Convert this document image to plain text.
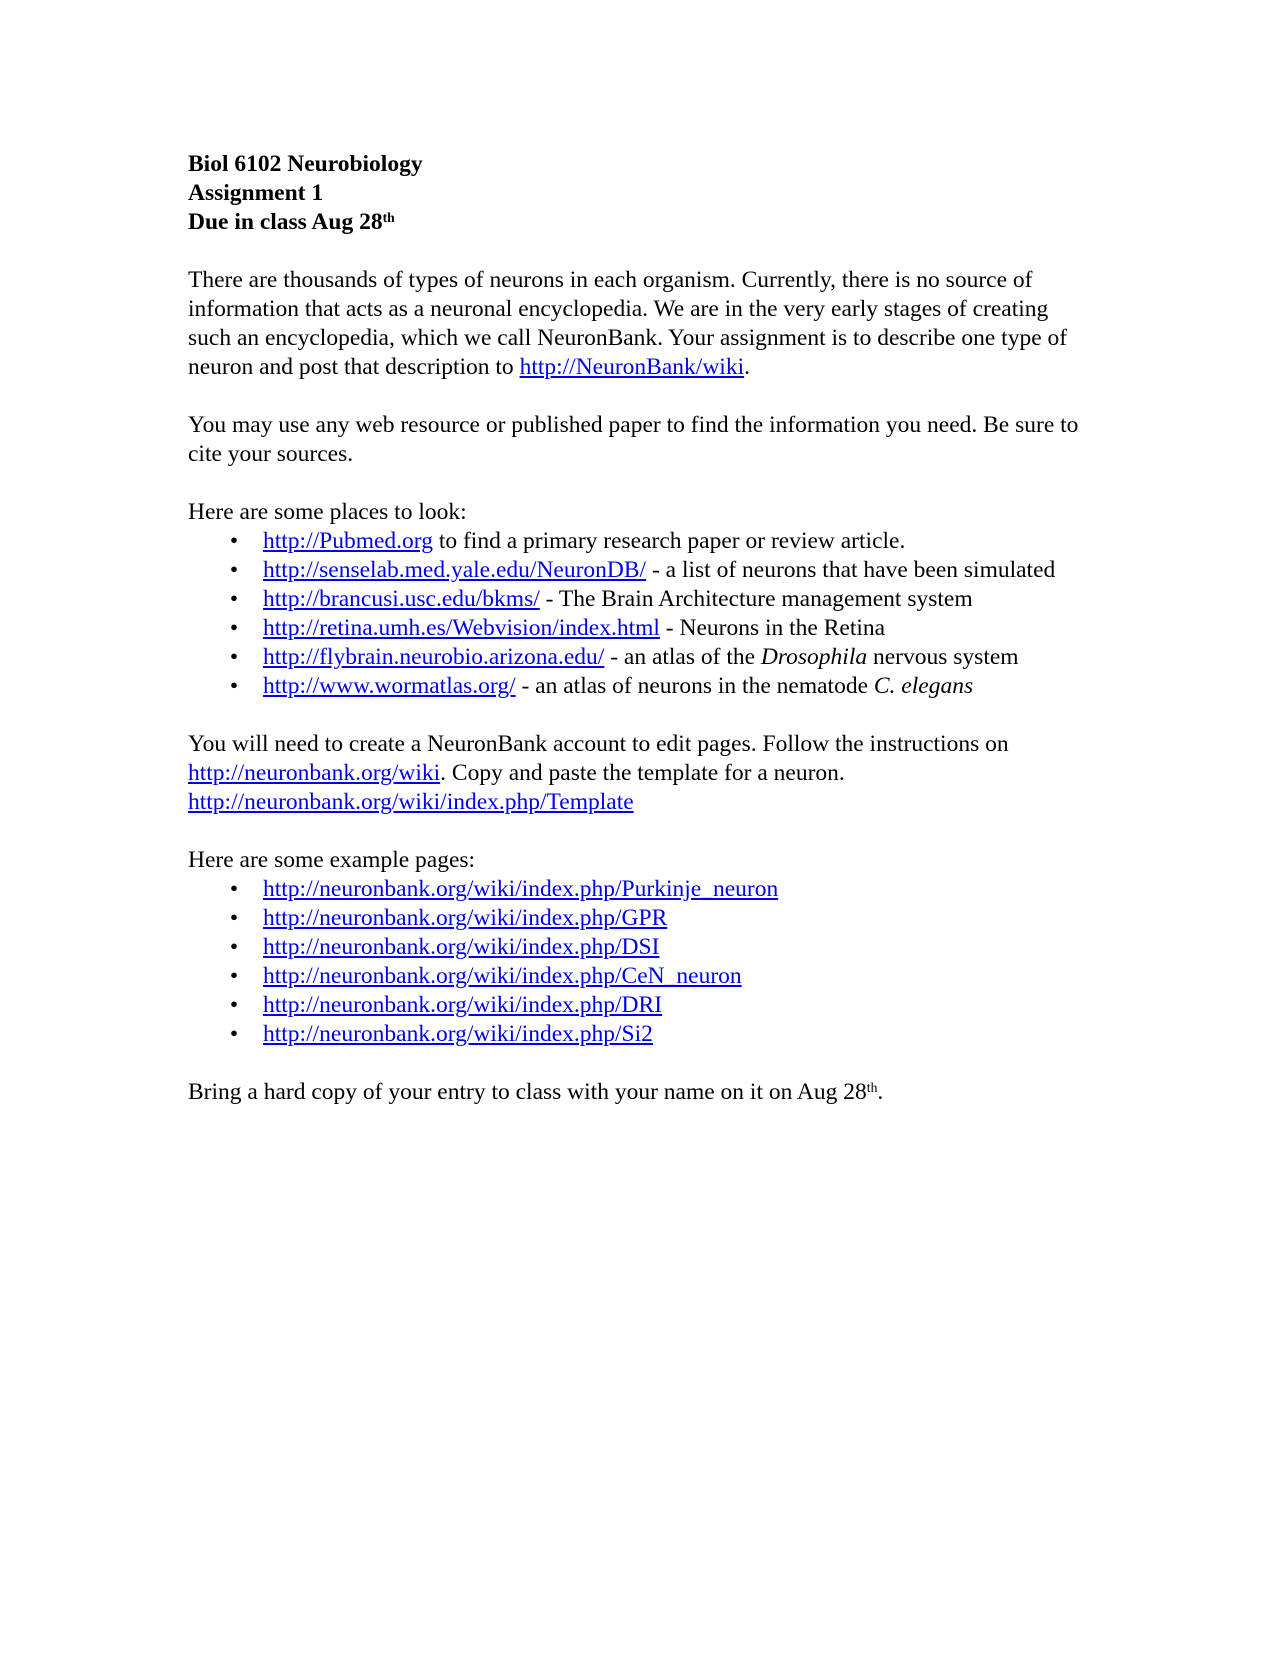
Biol 6102 Neurobiology
Assignment 1
Due in class Aug 28th

There are thousands of types of neurons in each organism. Currently, there is no source of information that acts as a neuronal encyclopedia. We are in the very early stages of creating such an encyclopedia, which we call NeuronBank. Your assignment is to describe one type of neuron and post that description to http://NeuronBank/wiki.

You may use any web resource or published paper to find the information you need. Be sure to cite your sources.

Here are some places to look:
• http://Pubmed.org to find a primary research paper or review article.
• http://senselab.med.yale.edu/NeuronDB/ - a list of neurons that have been simulated
• http://brancusi.usc.edu/bkms/ - The Brain Architecture management system
• http://retina.umh.es/Webvision/index.html - Neurons in the Retina
• http://flybrain.neurobio.arizona.edu/ - an atlas of the Drosophila nervous system
• http://www.wormatlas.org/ - an atlas of neurons in the nematode C. elegans

You will need to create a NeuronBank account to edit pages. Follow the instructions on http://neuronbank.org/wiki. Copy and paste the template for a neuron.
http://neuronbank.org/wiki/index.php/Template

Here are some example pages:
• http://neuronbank.org/wiki/index.php/Purkinje_neuron
• http://neuronbank.org/wiki/index.php/GPR
• http://neuronbank.org/wiki/index.php/DSI
• http://neuronbank.org/wiki/index.php/CeN_neuron
• http://neuronbank.org/wiki/index.php/DRI
• http://neuronbank.org/wiki/index.php/Si2

Bring a hard copy of your entry to class with your name on it on Aug 28th.
